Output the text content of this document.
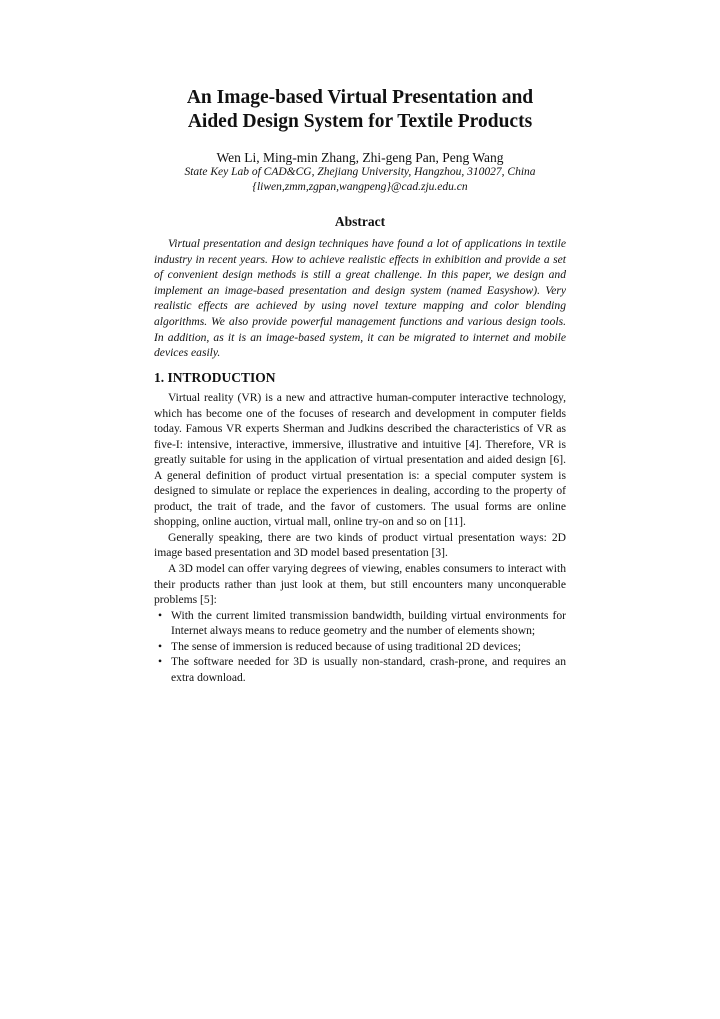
An Image-based Virtual Presentation and
Aided Design System for Textile Products
Wen Li, Ming-min Zhang, Zhi-geng Pan, Peng Wang
State Key Lab of CAD&CG, Zhejiang University, Hangzhou, 310027, China
{liwen,zmm,zgpan,wangpeng}@cad.zju.edu.cn
Abstract

Virtual presentation and design techniques have found a lot of applications in textile industry in recent years. How to achieve realistic effects in exhibition and provide a set of convenient design methods is still a great challenge. In this paper, we design and implement an image-based presentation and design system (named Easyshow). Very realistic effects are achieved by using novel texture mapping and color blending algorithms. We also provide powerful management functions and various design tools. In addition, as it is an image-based system, it can be migrated to internet and mobile devices easily.

1. INTRODUCTION

Virtual reality (VR) is a new and attractive human-computer interactive technology, which has become one of the focuses of research and development in computer fields today. Famous VR experts Sherman and Judkins described the characteristics of VR as five-I: intensive, interactive, immersive, illustrative and intuitive [4]. Therefore, VR is greatly suitable for using in the application of virtual presentation and aided design [6]. A general definition of product virtual presentation is: a special computer system is designed to simulate or replace the experiences in dealing, according to the property of product, the trait of trade, and the favor of customers. The usual forms are online shopping, online auction, virtual mall, online try-on and so on [11].

Generally speaking, there are two kinds of product virtual presentation ways: 2D image based presentation and 3D model based presentation [3].

A 3D model can offer varying degrees of viewing, enables consumers to interact with their products rather than just look at them, but still encounters many unconquerable problems [5]:

• With the current limited transmission bandwidth, building virtual environments for Internet always means to reduce geometry and the number of elements shown;
• The sense of immersion is reduced because of using traditional 2D devices;
• The software needed for 3D is usually non-standard, crash-prone, and requires an extra download.
